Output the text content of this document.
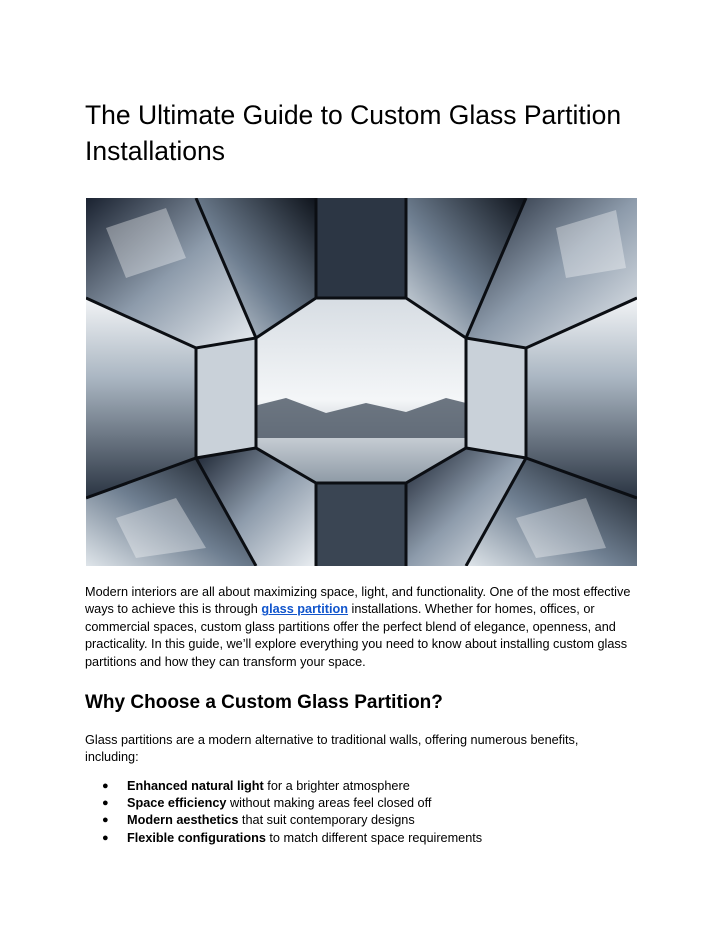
The Ultimate Guide to Custom Glass Partition Installations

Modern interiors are all about maximizing space, light, and functionality. One of the most effective ways to achieve this is through glass partition installations. Whether for homes, offices, or commercial spaces, custom glass partitions offer the perfect blend of elegance, openness, and practicality. In this guide, we’ll explore everything you need to know about installing custom glass partitions and how they can transform your space.

Why Choose a Custom Glass Partition?

Glass partitions are a modern alternative to traditional walls, offering numerous benefits, including:

● Enhanced natural light for a brighter atmosphere
● Space efficiency without making areas feel closed off
● Modern aesthetics that suit contemporary designs
● Flexible configurations to match different space requirements
